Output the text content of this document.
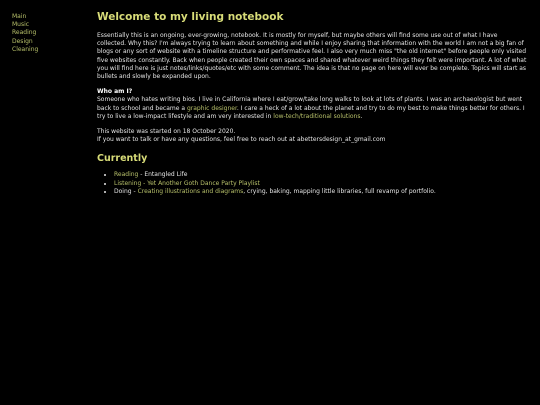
Main
Music
Reading
Design
Cleaning
Welcome to my living notebook

Essentially this is an ongoing, ever-growing, notebook. It is mostly for myself, but maybe others will find some use out of what I have collected. Why this? I'm always trying to learn about something and while I enjoy sharing that information with the world I am not a big fan of blogs or any sort of website with a timeline structure and performative feel. I also very much miss "the old internet" before people only visited five websites constantly. Back when people created their own spaces and shared whatever weird things they felt were important. A lot of what you will find here is just notes/links/quotes/etc with some comment. The idea is that no page on here will ever be complete. Topics will start as bullets and slowly be expanded upon.

Who am I?
Someone who hates writing bios. I live in California where I eat/grow/take long walks to look at lots of plants. I was an archaeologist but went back to school and became a graphic designer. I care a heck of a lot about the planet and try to do my best to make things better for others. I try to live a low-impact lifestyle and am very interested in low-tech/traditional solutions.

This website was started on 18 October 2020.
If you want to talk or have any questions, feel free to reach out at abettersdesign_at_gmail.com

Currently
• Reading - Entangled Life
• Listening - Yet Another Goth Dance Party Playlist
• Doing - Creating illustrations and diagrams, crying, baking, mapping little libraries, full revamp of portfolio.
